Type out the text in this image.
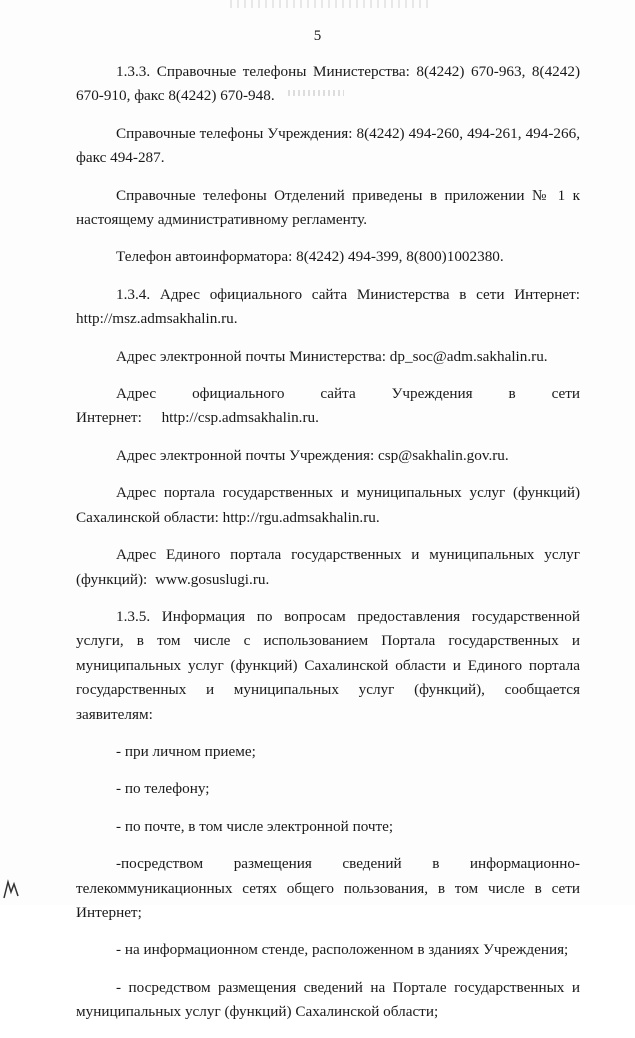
5

1.3.3. Справочные телефоны Министерства: 8(4242) 670-963, 8(4242) 670-910, факс 8(4242) 670-948.

Справочные телефоны Учреждения: 8(4242) 494-260, 494-261, 494-266, факс 494-287.

Справочные телефоны Отделений приведены в приложении № 1 к настоящему административному регламенту.

Телефон автоинформатора: 8(4242) 494-399, 8(800)1002380.

1.3.4. Адрес официального сайта Министерства в сети Интернет: http://msz.admsakhalin.ru.

Адрес электронной почты Министерства: dp_soc@adm.sakhalin.ru.

Адрес официального сайта Учреждения в сети Интернет: http://csp.admsakhalin.ru.

Адрес электронной почты Учреждения: csp@sakhalin.gov.ru.

Адрес портала государственных и муниципальных услуг (функций) Сахалинской области: http://rgu.admsakhalin.ru.

Адрес Единого портала государственных и муниципальных услуг (функций): www.gosuslugi.ru.

1.3.5. Информация по вопросам предоставления государственной услуги, в том числе с использованием Портала государственных и муниципальных услуг (функций) Сахалинской области и Единого портала государственных и муниципальных услуг (функций), сообщается заявителям:

- при личном приеме;

- по телефону;

- по почте, в том числе электронной почте;

-посредством размещения сведений в информационно-телекоммуникационных сетях общего пользования, в том числе в сети Интернет;

- на информационном стенде, расположенном в зданиях Учреждения;

- посредством размещения сведений на Портале государственных и муниципальных услуг (функций) Сахалинской области;
